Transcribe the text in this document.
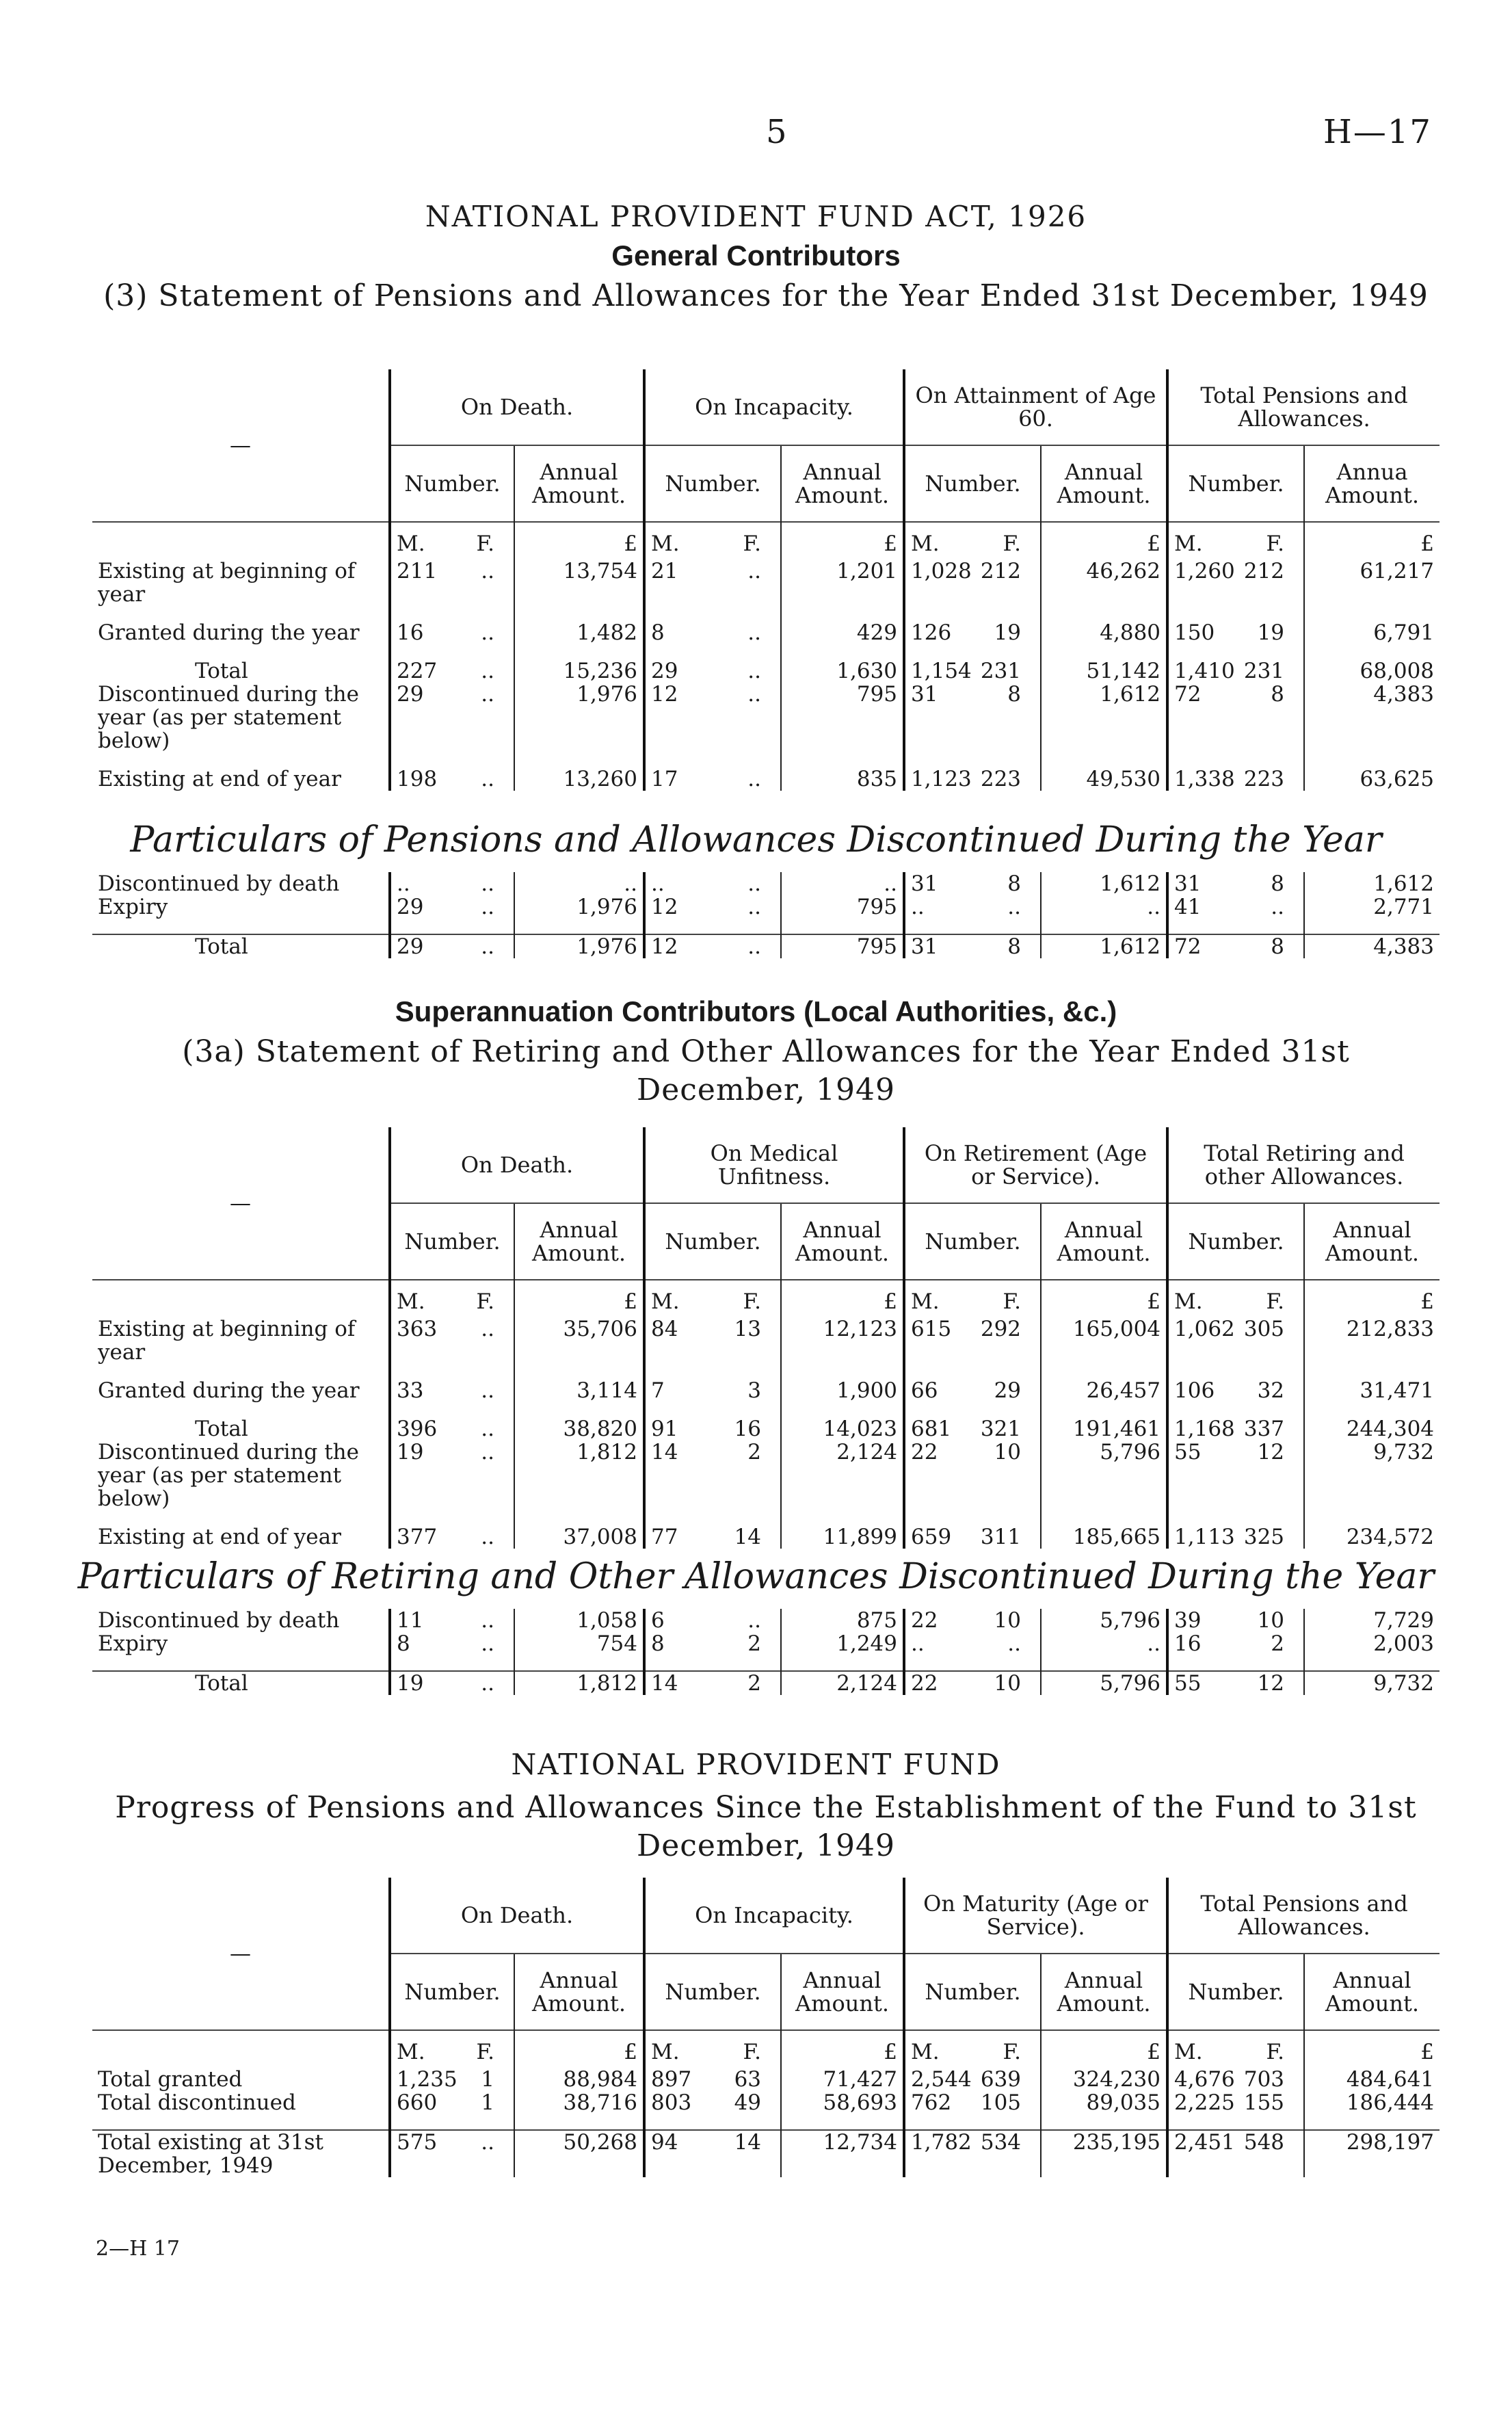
5	H—17
NATIONAL PROVIDENT FUND ACT, 1926
General Contributors
(3) Statement of Pensions and Allowances for the Year Ended 31st December, 1949
—	On Death.		On Incapacity.		On Attainment of Age 60.		Total Pensions and Allowances.	
	Number.	Annual Amount.	Number.	Annual Amount.	Number.	Annual Amount.	Number.	Annua Amount.

	M. F.	£	M. F.	£	M. F.	£	M. F.	£
Existing at beginning of year	211 ..	13,754	21 ..	1,201	1,028 212	46,262	1,260 212	61,217

Granted during the year	16 ..	1,482	8 ..	429	126 19	4,880	150 19	6,791

Total	227 ..	15,236	29 ..	1,630	1,154 231	51,142	1,410 231	68,008
Discontinued during the year (as per statement below)	29 ..	1,976	12 ..	795	31 8	1,612	72 8	4,383

Existing at end of year	198 ..	13,260	17 ..	835	1,123 223	49,530	1,338 223	63,625
Particulars of Pensions and Allowances Discontinued During the Year
Discontinued by death	.. ..	..	.. ..	..	31 8	1,612	31 8	1,612
Expiry	29 ..	1,976	12 ..	795	.. ..	..	41 ..	2,771

Total	29 ..	1,976	12 ..	795	31 8	1,612	72 8	4,383
Superannuation Contributors (Local Authorities, &c.)
(3a) Statement of Retiring and Other Allowances for the Year Ended 31st December, 1949
—	On Death.		On Medical Unfitness.		On Retirement (Age or Service).		Total Retiring and other Allowances.	
	Number.	Annual Amount.	Number.	Annual Amount.	Number.	Annual Amount.	Number.	Annual Amount.

	M. F.	£	M. F.	£	M. F.	£	M. F.	£
Existing at beginning of year	363 ..	35,706	84 13	12,123	615 292	165,004	1,062 305	212,833

Granted during the year	33 ..	3,114	7 3	1,900	66 29	26,457	106 32	31,471

Total	396 ..	38,820	91 16	14,023	681 321	191,461	1,168 337	244,304
Discontinued during the year (as per statement below)	19 ..	1,812	14 2	2,124	22 10	5,796	55 12	9,732

Existing at end of year	377 ..	37,008	77 14	11,899	659 311	185,665	1,113 325	234,572
Particulars of Retiring and Other Allowances Discontinued During the Year
Discontinued by death	11 ..	1,058	6 ..	875	22 10	5,796	39 10	7,729
Expiry	8 ..	754	8 2	1,249	.. ..	..	16 2	2,003

Total	19 ..	1,812	14 2	2,124	22 10	5,796	55 12	9,732
NATIONAL PROVIDENT FUND
Progress of Pensions and Allowances Since the Establishment of the Fund to 31st December, 1949
—	On Death.		On Incapacity.		On Maturity (Age or Service).		Total Pensions and Allowances.	
	Number.	Annual Amount.	Number.	Annual Amount.	Number.	Annual Amount.	Number.	Annual Amount.

	M. F.	£	M. F.	£	M. F.	£	M. F.	£
Total granted	1,235 1	88,984	897 63	71,427	2,544 639	324,230	4,676 703	484,641
Total discontinued	660 1	38,716	803 49	58,693	762 105	89,035	2,225 155	186,444

Total existing at 31st December, 1949	575 ..	50,268	94 14	12,734	1,782 534	235,195	2,451 548	298,197
2—H 17
